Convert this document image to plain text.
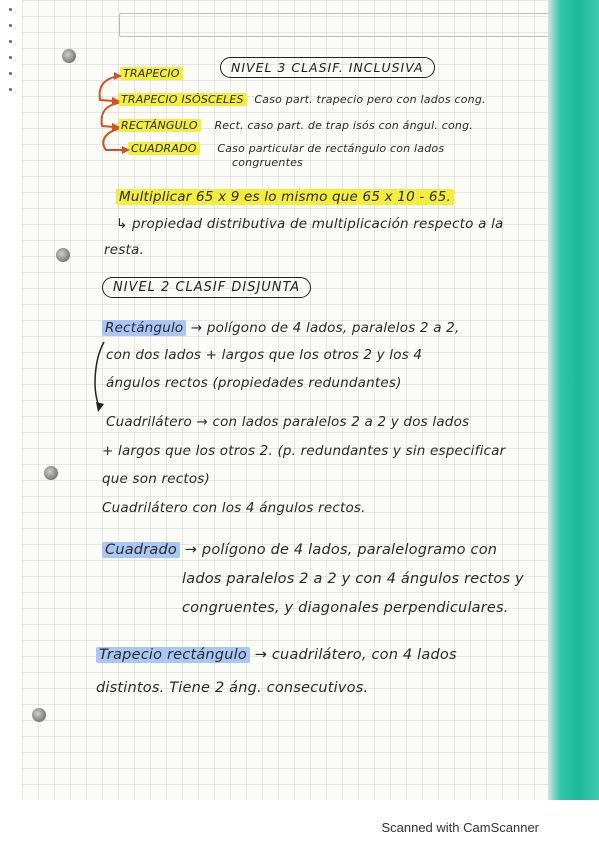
NIVEL 3 CLASIF. INCLUSIVA
TRAPECIO
TRAPECIO ISÓSCELES Caso part. trapecio pero con lados cong.
RECTÁNGULO Rect. caso part. de trap isós con ángul. cong.
CUADRADO Caso particular de rectángulo con lados
congruentes
Multiplicar 65 x 9 es lo mismo que 65 x 10 - 65.
↳ propiedad distributiva de multiplicación respecto a la
resta.
NIVEL 2 CLASIF DISJUNTA
Rectángulo → polígono de 4 lados, paralelos 2 a 2,
con dos lados + largos que los otros 2 y los 4
ángulos rectos (propiedades redundantes)
Cuadrilátero → con lados paralelos 2 a 2 y dos lados
+ largos que los otros 2. (p. redundantes y sin especificar
que son rectos)
Cuadrilátero con los 4 ángulos rectos.
Cuadrado → polígono de 4 lados, paralelogramo con
lados paralelos 2 a 2 y con 4 ángulos rectos y
congruentes, y diagonales perpendiculares.
Trapecio rectángulo → cuadrilátero, con 4 lados
distintos. Tiene 2 áng. consecutivos.
Scanned with CamScanner
